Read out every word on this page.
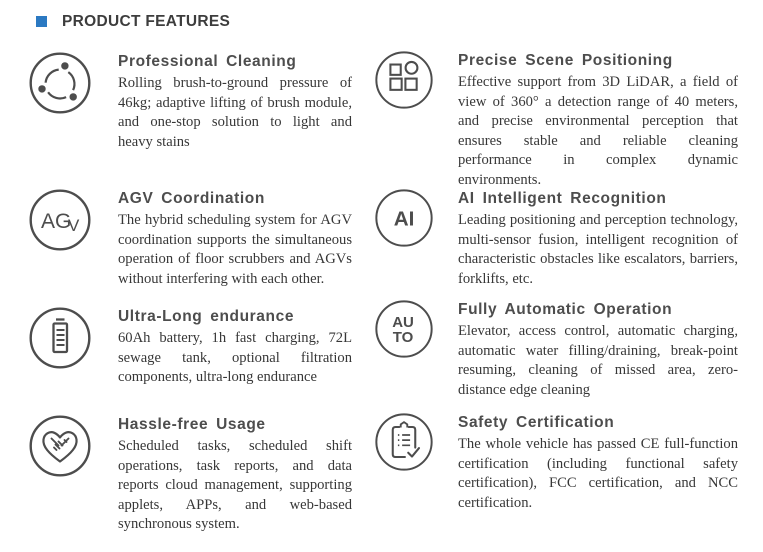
PRODUCT FEATURES
Professional Cleaning

Rolling brush-to-ground pressure of 46kg; adaptive lifting of brush module, and one-stop solution to light and heavy stains

AG
V
AGV Coordination

The hybrid scheduling system for AGV coordination supports the simultaneous operation of floor scrubbers and AGVs without interfering with each other.

Ultra-Long endurance

60Ah battery, 1h fast charging, 72L sewage tank, optional filtration components, ultra-long endurance

Hassle-free Usage

Scheduled tasks, scheduled shift operations, task reports, and data reports cloud management, supporting applets, APPs, and web-based synchronous system.

Precise Scene Positioning

Effective support from 3D LiDAR, a field of view of 360° a detection range of 40 meters, and precise environmental perception that ensures stable and reliable cleaning performance in complex dynamic environments.

AI
AI Intelligent Recognition

Leading positioning and perception technology, multi-sensor fusion, intelligent recognition of characteristic obstacles like escalators, barriers, forklifts, etc.

AU
TO
Fully Automatic Operation

Elevator, access control, automatic charging, automatic water filling/draining, break-point resuming, cleaning of missed area, zero-distance edge cleaning

Safety Certification

The whole vehicle has passed CE full-function certification (including functional safety certification), FCC certification, and NCC certification.
